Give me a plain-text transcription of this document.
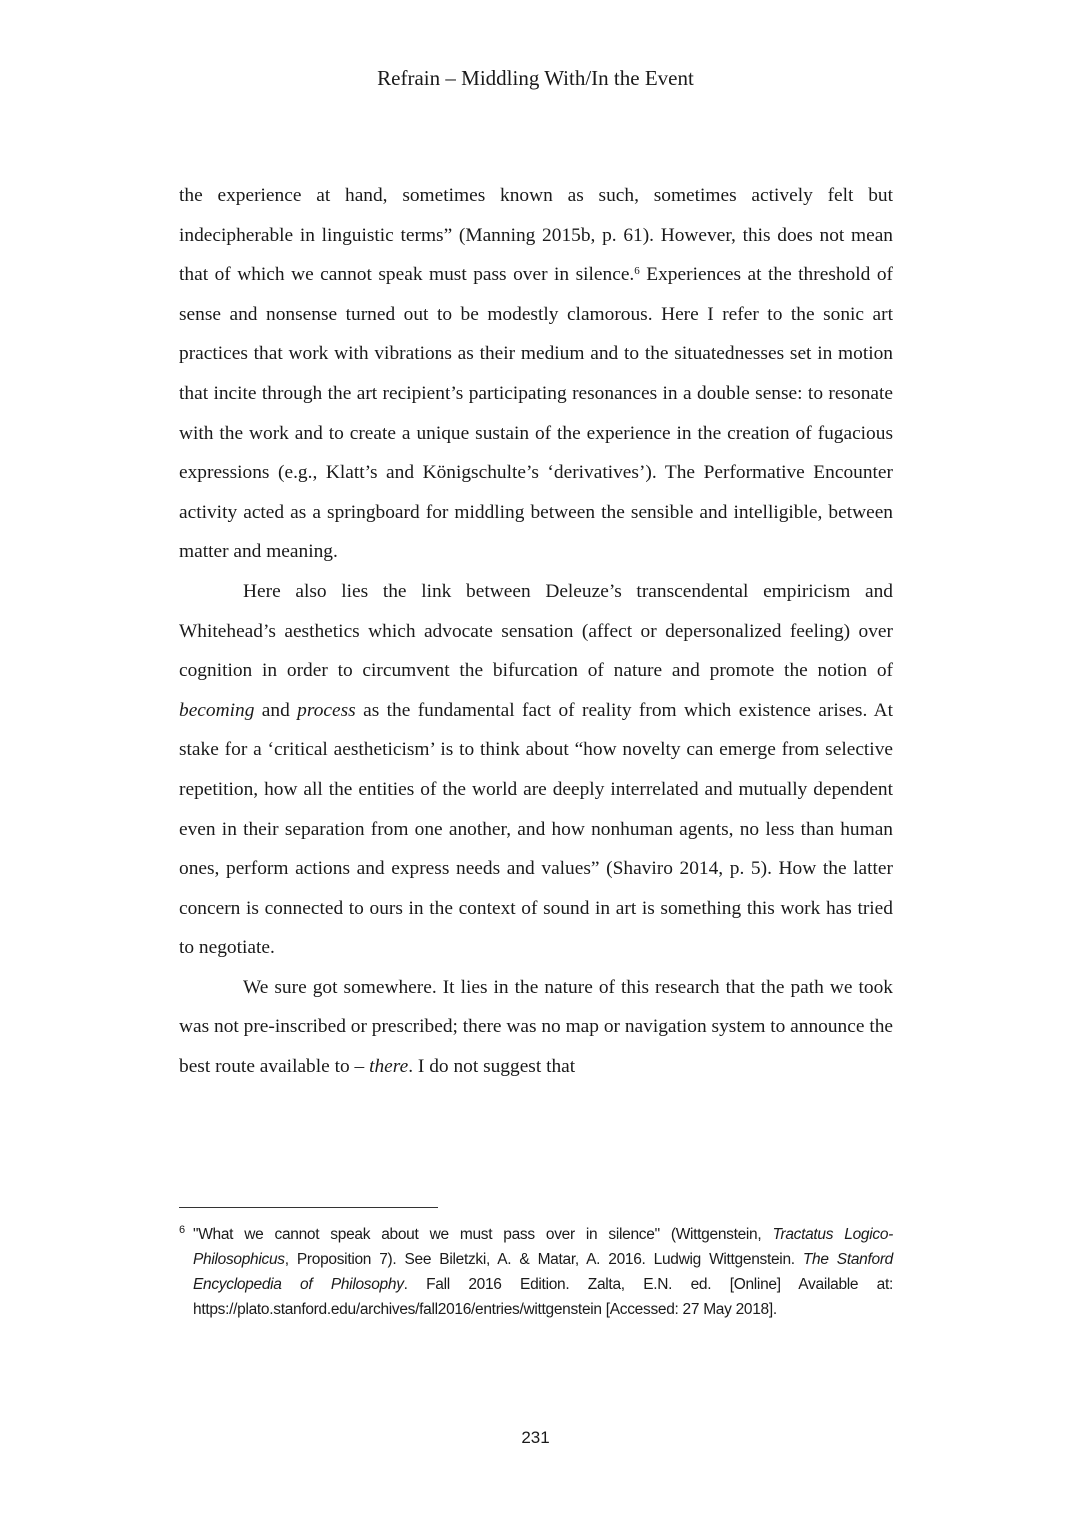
Refrain – Middling With/In the Event

the experience at hand, sometimes known as such, sometimes actively felt but indecipherable in linguistic terms” (Manning 2015b, p. 61). However, this does not mean that of which we cannot speak must pass over in silence.$^6$ Experiences at the threshold of sense and nonsense turned out to be modestly clamorous. Here I refer to the sonic art practices that work with vibrations as their medium and to the situatednesses set in motion that incite through the art recipient’s participating resonances in a double sense: to resonate with the work and to create a unique sustain of the experience in the creation of fugacious expressions (e.g., Klatt’s and Königschulte’s ‘derivatives’). The Performative Encounter activity acted as a springboard for middling between the sensible and intelligible, between matter and meaning.

Here also lies the link between Deleuze’s transcendental empiricism and Whitehead’s aesthetics which advocate sensation (affect or depersonalized feeling) over cognition in order to circumvent the bifurcation of nature and promote the notion of becoming and process as the fundamental fact of reality from which existence arises. At stake for a ‘critical aestheticism’ is to think about “how novelty can emerge from selective repetition, how all the entities of the world are deeply interrelated and mutually dependent even in their separation from one another, and how nonhuman agents, no less than human ones, perform actions and express needs and values” (Shaviro 2014, p. 5). How the latter concern is connected to ours in the context of sound in art is something this work has tried to negotiate.

We sure got somewhere. It lies in the nature of this research that the path we took was not pre-inscribed or prescribed; there was no map or navigation system to announce the best route available to – there. I do not suggest that

6 "What we cannot speak about we must pass over in silence" (Wittgenstein, Tractatus Logico-Philosophicus, Proposition 7). See Biletzki, A. & Matar, A. 2016. Ludwig Wittgenstein. The Stanford Encyclopedia of Philosophy. Fall 2016 Edition. Zalta, E.N. ed. [Online] Available at: https://plato.stanford.edu/archives/fall2016/entries/wittgenstein [Accessed: 27 May 2018].
231
